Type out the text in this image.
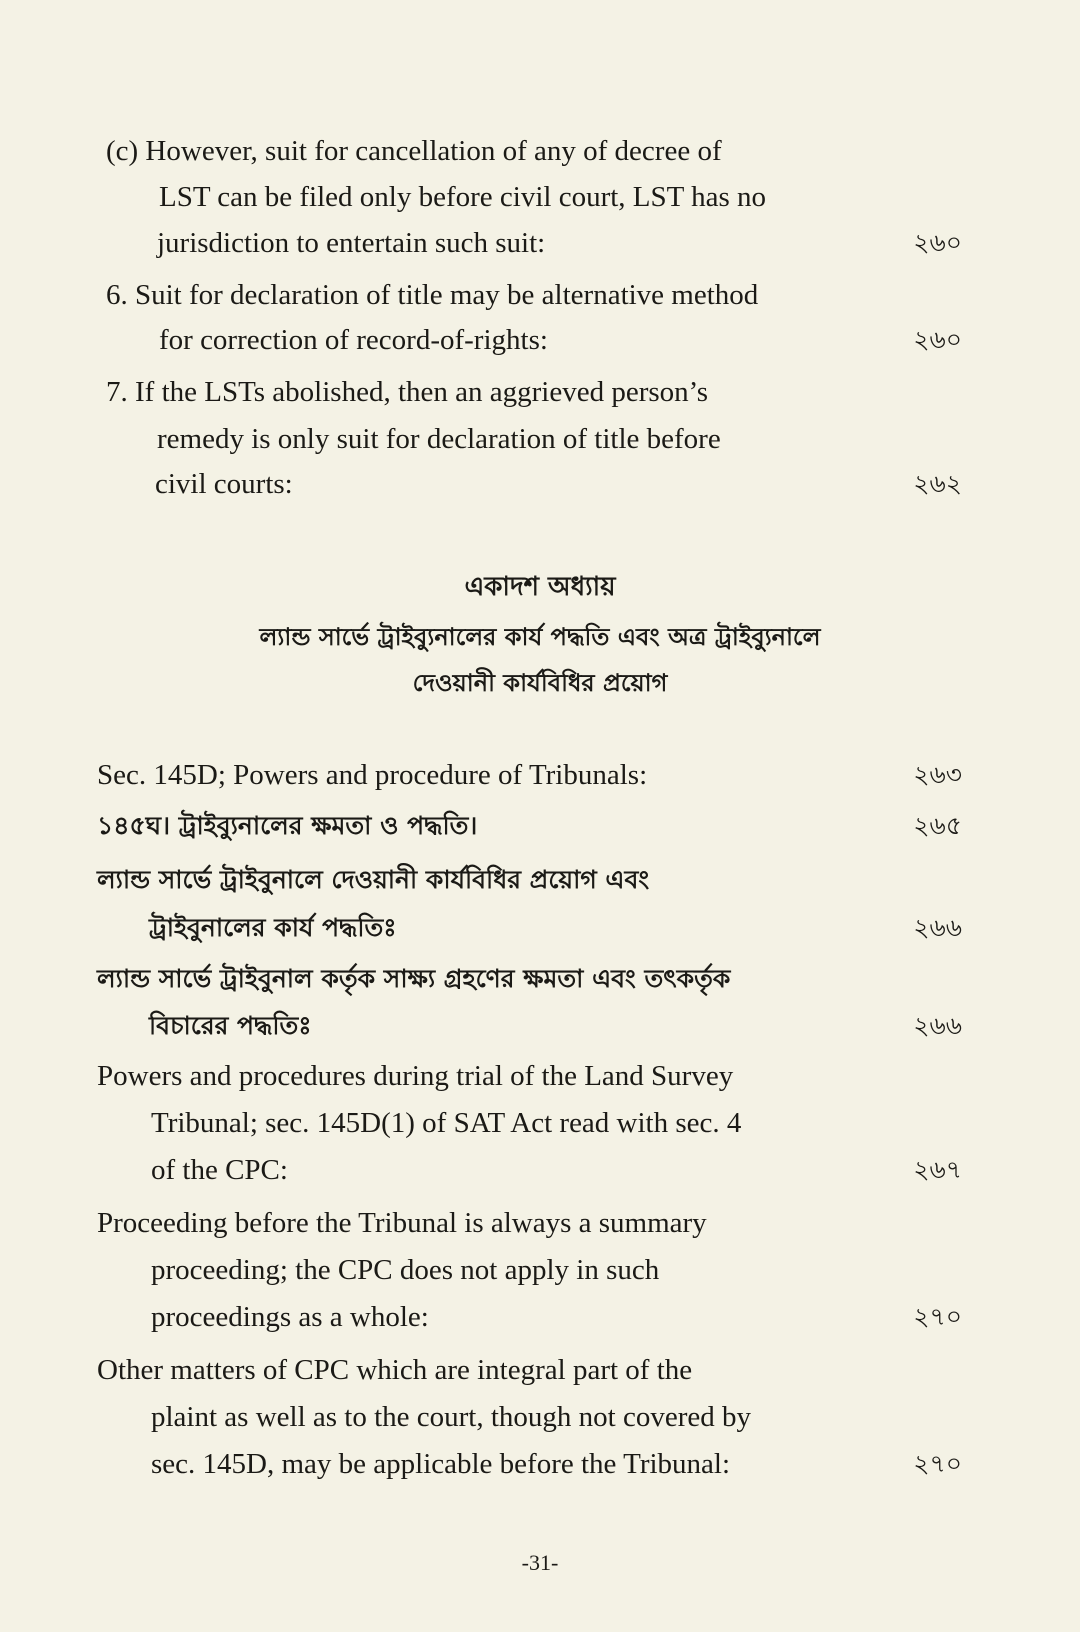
(c) However, suit for cancellation of any of decree of
LST can be filed only before civil court, LST has no
jurisdiction to entertain such suit:	২৬০
6. Suit for declaration of title may be alternative method
for correction of record-of-rights:	২৬০
7. If the LSTs abolished, then an aggrieved person’s
remedy is only suit for declaration of title before
civil courts:	২৬২
একাদশ অধ্যায়
ল্যান্ড সার্ভে ট্রাইব্যুনালের কার্য পদ্ধতি এবং অত্র ট্রাইব্যুনালে
দেওয়ানী কার্যবিধির প্রয়োগ
Sec. 145D; Powers and procedure of Tribunals:	২৬৩
১৪৫ঘ। ট্রাইব্যুনালের ক্ষমতা ও পদ্ধতি।	২৬৫
ল্যান্ড সার্ভে ট্রাইবুনালে দেওয়ানী কার্যবিধির প্রয়োগ এবং
ট্রাইবুনালের কার্য পদ্ধতিঃ	২৬৬
ল্যান্ড সার্ভে ট্রাইবুনাল কর্তৃক সাক্ষ্য গ্রহণের ক্ষমতা এবং তৎকর্তৃক
বিচারের পদ্ধতিঃ	২৬৬
Powers and procedures during trial of the Land Survey
Tribunal; sec. 145D(1) of SAT Act read with sec. 4
of the CPC:	২৬৭
Proceeding before the Tribunal is always a summary
proceeding; the CPC does not apply in such
proceedings as a whole:	২৭০
Other matters of CPC which are integral part of the
plaint as well as to the court, though not covered by
sec. 145D, may be applicable before the Tribunal:	২৭০
-31-
